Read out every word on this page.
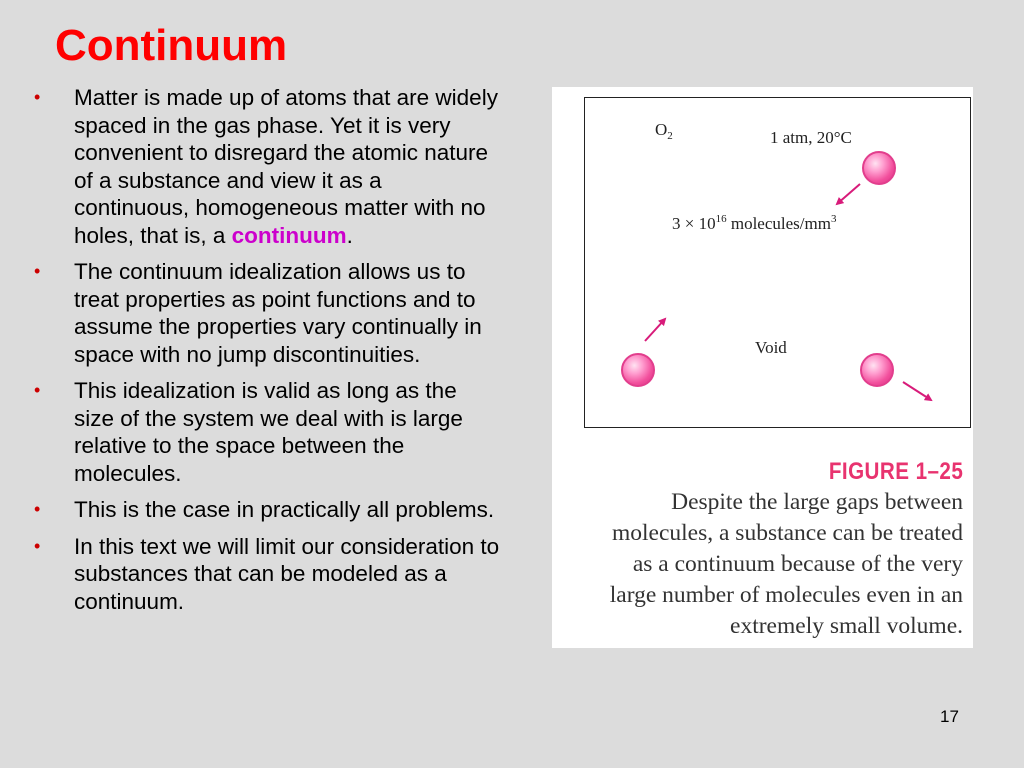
Continuum
• Matter is made up of atoms that are widely spaced in the gas phase. Yet it is very convenient to disregard the atomic nature of a substance and view it as a continuous, homogeneous matter with no holes, that is, a continuum.
• The continuum idealization allows us to treat properties as point functions and to assume the properties vary continually in space with no jump discontinuities.
• This idealization is valid as long as the size of the system we deal with is large relative to the space between the molecules.
• This is the case in practically all problems.
• In this text we will limit our consideration to substances that can be modeled as a continuum.
$O_2$	1 atm, 20°C
$3 \times 10^{16}$ molecules/$mm^3$
Void
FIGURE 1–25
Despite the large gaps between
molecules, a substance can be treated
as a continuum because of the very
large number of molecules even in an
extremely small volume.
17
